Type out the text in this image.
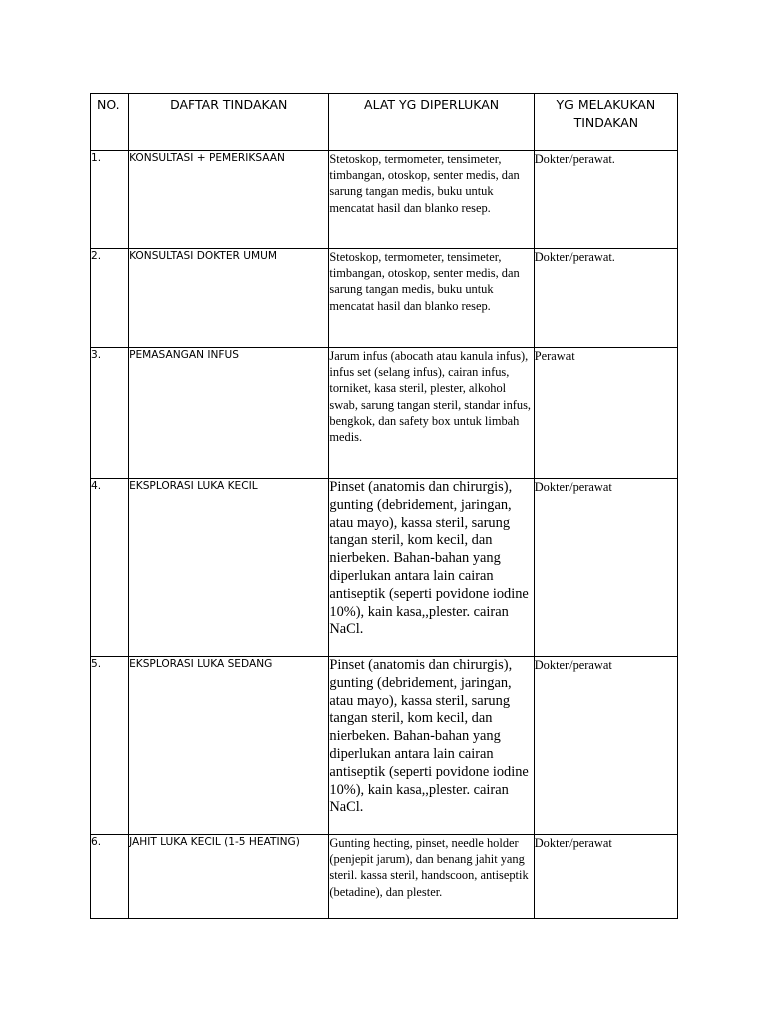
NO.	DAFTAR TINDAKAN	ALAT YG DIPERLUKAN	YG MELAKUKAN TINDAKAN
1.	KONSULTASI + PEMERIKSAAN	Stetoskop, termometer, tensimeter, timbangan, otoskop, senter medis, dan sarung tangan medis, buku untuk mencatat hasil dan blanko resep.	Dokter/perawat.
2.	KONSULTASI DOKTER UMUM	Stetoskop, termometer, tensimeter, timbangan, otoskop, senter medis, dan sarung tangan medis, buku untuk mencatat hasil dan blanko resep.	Dokter/perawat.
3.	PEMASANGAN INFUS	Jarum infus (abocath atau kanula infus), infus set (selang infus), cairan infus, torniket, kasa steril, plester, alkohol swab, sarung tangan steril, standar infus, bengkok, dan safety box untuk limbah medis.	Perawat
4.	EKSPLORASI LUKA KECIL	Pinset (anatomis dan chirurgis), gunting (debridement, jaringan, atau mayo), kassa steril, sarung tangan steril, kom kecil, dan nierbeken. Bahan-bahan yang diperlukan antara lain cairan antiseptik (seperti povidone iodine 10%), kain kasa,,plester. cairan NaCl.	Dokter/perawat
5.	EKSPLORASI LUKA SEDANG	Pinset (anatomis dan chirurgis), gunting (debridement, jaringan, atau mayo), kassa steril, sarung tangan steril, kom kecil, dan nierbeken. Bahan-bahan yang diperlukan antara lain cairan antiseptik (seperti povidone iodine 10%), kain kasa,,plester. cairan NaCl.	Dokter/perawat
6.	JAHIT LUKA KECIL (1-5 HEATING)	Gunting hecting, pinset, needle holder (penjepit jarum), dan benang jahit yang steril. kassa steril, handscoon, antiseptik (betadine), dan plester.	Dokter/perawat
